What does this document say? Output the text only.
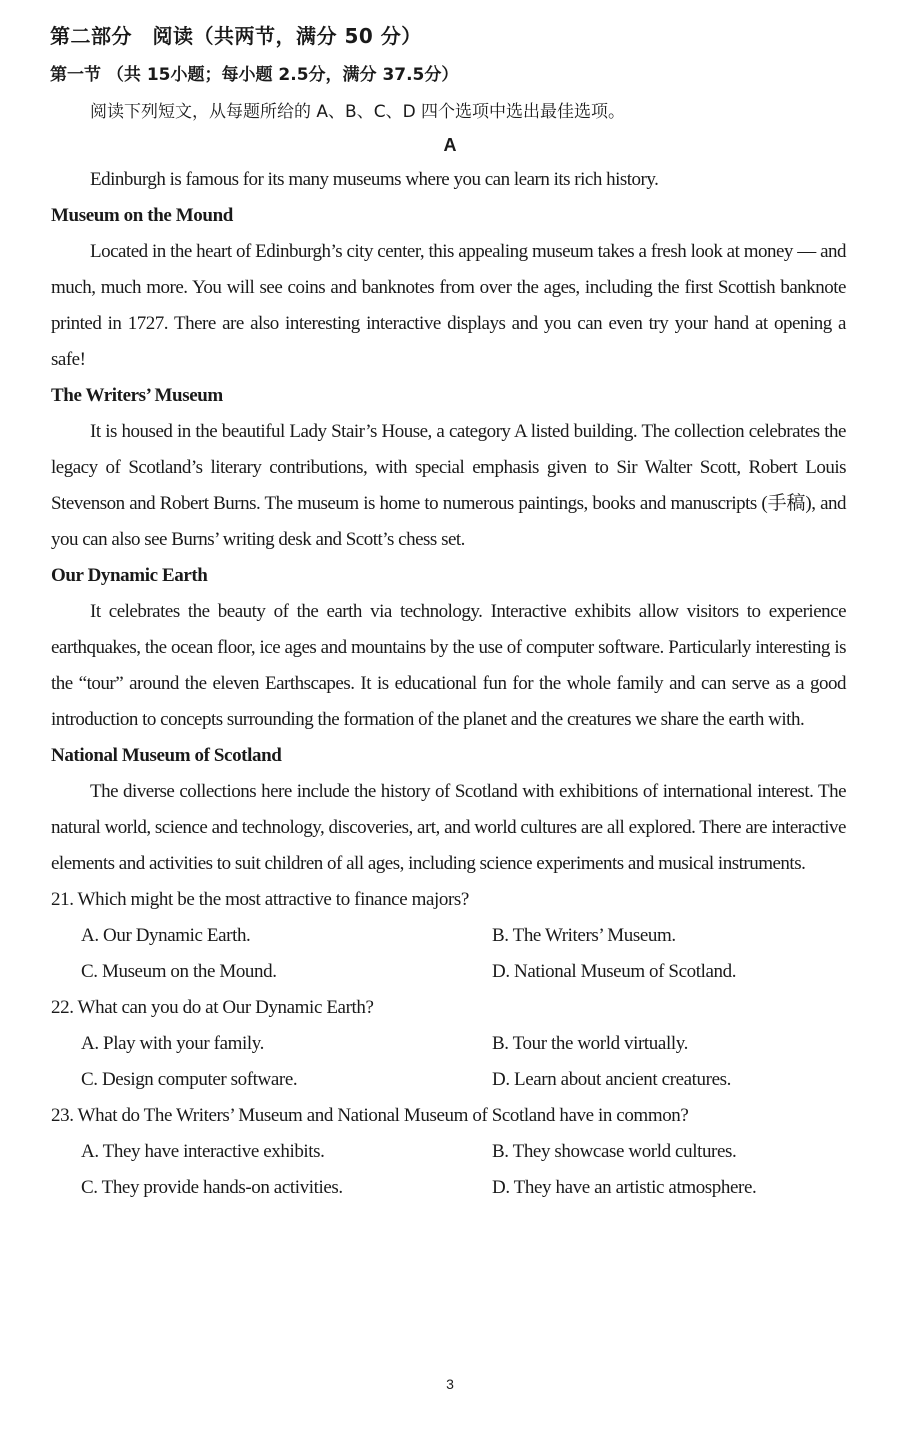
第二部分　阅读（共两节，满分 50 分）
第一节 （共 15小题；每小题 2.5分，满分 37.5分）
阅读下列短文，从每题所给的 A、B、C、D 四个选项中选出最佳选项。
A

Edinburgh is famous for its many museums where you can learn its rich history.

Museum on the Mound

Located in the heart of Edinburgh’s city center, this appealing museum takes a fresh look at money — and much, much more. You will see coins and banknotes from over the ages, including the first Scottish banknote printed in 1727. There are also interesting interactive displays and you can even try your hand at opening a safe!

The Writers’ Museum

It is housed in the beautiful Lady Stair’s House, a category A listed building. The collection celebrates the legacy of Scotland’s literary contributions, with special emphasis given to Sir Walter Scott, Robert Louis Stevenson and Robert Burns. The museum is home to numerous paintings, books and manuscripts (手稿), and you can also see Burns’ writing desk and Scott’s chess set.

Our Dynamic Earth

It celebrates the beauty of the earth via technology. Interactive exhibits allow visitors to experience earthquakes, the ocean floor, ice ages and mountains by the use of computer software. Particularly interesting is the “tour” around the eleven Earthscapes. It is educational fun for the whole family and can serve as a good introduction to concepts surrounding the formation of the planet and the creatures we share the earth with.

National Museum of Scotland

The diverse collections here include the history of Scotland with exhibitions of international interest. The natural world, science and technology, discoveries, art, and world cultures are all explored. There are interactive elements and activities to suit children of all ages, including science experiments and musical instruments.

21. Which might be the most attractive to finance majors?

A. Our Dynamic Earth.	B. The Writers’ Museum.
C. Museum on the Mound.	D. National Museum of Scotland.

22. What can you do at Our Dynamic Earth?

A. Play with your family.	B. Tour the world virtually.
C. Design computer software.	D. Learn about ancient creatures.

23. What do The Writers’ Museum and National Museum of Scotland have in common?

A. They have interactive exhibits.	B. They showcase world cultures.
C. They provide hands-on activities.	D. They have an artistic atmosphere.
3
